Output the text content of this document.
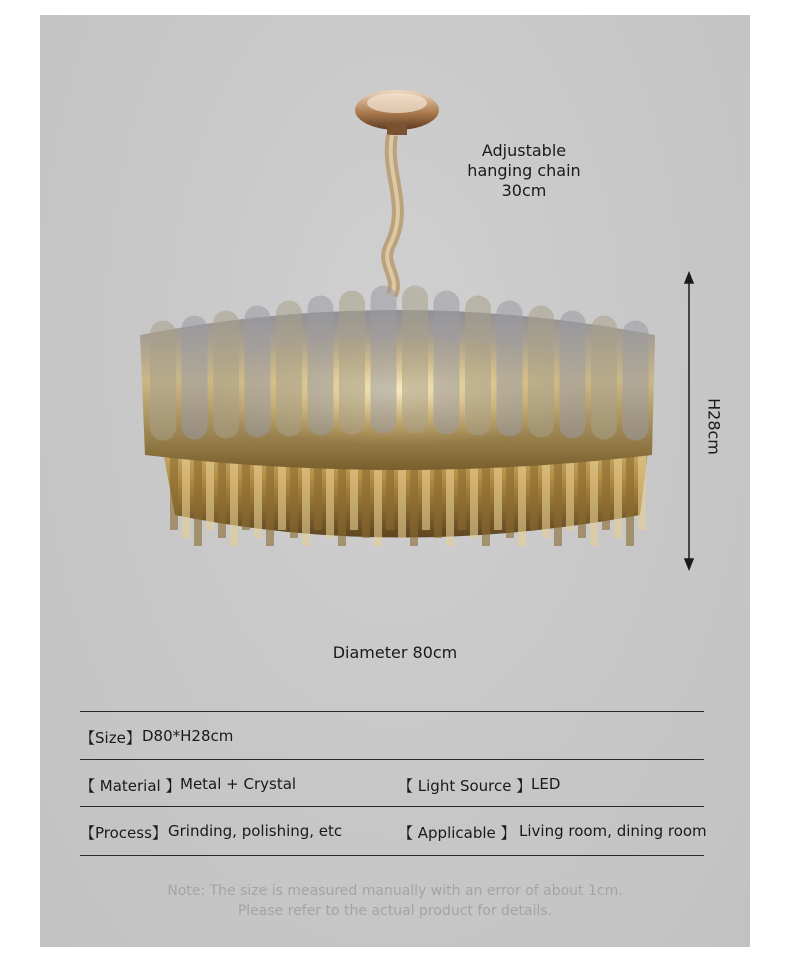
Adjustable
hanging chain
30cm
H28cm
Diameter 80cm
【Size】 D80*H28cm
【 Material 】 Metal + Crystal	【 Light Source 】 LED
【Process】 Grinding, polishing, etc	【 Applicable 】 Living room, dining room
Note: The size is measured manually with an error of about 1cm.
Please refer to the actual product for details.
